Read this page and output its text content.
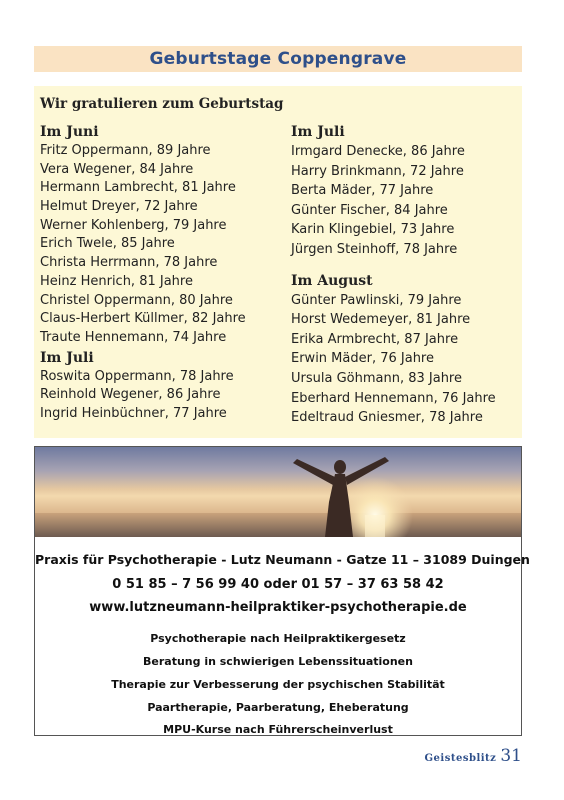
Geburtstage Coppengrave
Wir gratulieren zum Geburtstag
Im Juni
Fritz Oppermann, 89 Jahre
Vera Wegener, 84 Jahre
Hermann Lambrecht, 81 Jahre
Helmut Dreyer, 72 Jahre
Werner Kohlenberg, 79 Jahre
Erich Twele, 85 Jahre
Christa Herrmann, 78 Jahre
Heinz Henrich, 81 Jahre
Christel Oppermann, 80 Jahre
Claus-Herbert Küllmer, 82 Jahre
Traute Hennemann, 74 Jahre
Im Juli
Roswita Oppermann, 78 Jahre
Reinhold Wegener, 86 Jahre
Ingrid Heinbüchner, 77 Jahre
Im Juli
Irmgard Denecke, 86 Jahre
Harry Brinkmann, 72 Jahre
Berta Mäder, 77 Jahre
Günter Fischer, 84 Jahre
Karin Klingebiel, 73 Jahre
Jürgen Steinhoff, 78 Jahre
Im August
Günter Pawlinski, 79 Jahre
Horst Wedemeyer, 81 Jahre
Erika Armbrecht, 87 Jahre
Erwin Mäder, 76 Jahre
Ursula Göhmann, 83 Jahre
Eberhard Hennemann, 76 Jahre
Edeltraud Gniesmer, 78 Jahre
Praxis für Psychotherapie - Lutz Neumann - Gatze 11 – 31089 Duingen
0 51 85 – 7 56 99 40 oder 01 57 – 37 63 58 42
www.lutzneumann-heilpraktiker-psychotherapie.de
Psychotherapie nach Heilpraktikergesetz
Beratung in schwierigen Lebenssituationen
Therapie zur Verbesserung der psychischen Stabilität
Paartherapie, Paarberatung, Eheberatung
MPU-Kurse nach Führerscheinverlust
Geistesblitz 31
